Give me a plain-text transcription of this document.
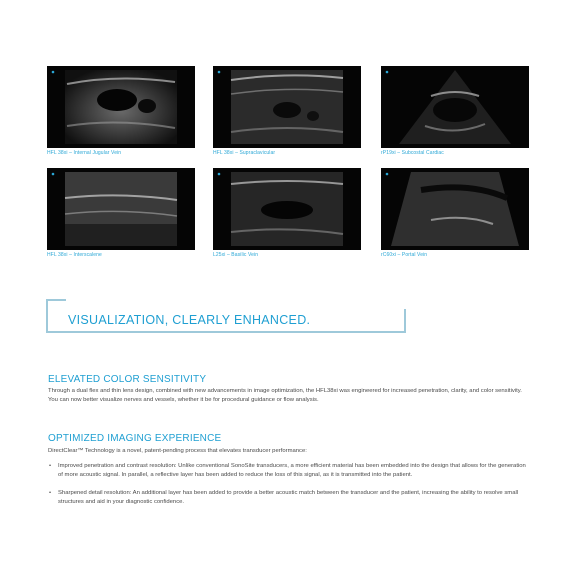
HFL 38xi – Internal Jugular Vein	HFL 38xi – Supraclavicular	rP19xi – Subcostal Cardiac
HFL 38xi – Interscalene	L25xi – Basilic Vein	rC60xi – Portal Vein
VISUALIZATION, CLEARLY ENHANCED.
ELEVATED COLOR SENSITIVITY
Through a dual flex and thin lens design, combined with new advancements in image optimization, the HFL38xi was engineered for increased penetration, clarity, and color sensitivity. You can now better visualize nerves and vessels, whether it be for procedural guidance or flow analysis.
OPTIMIZED IMAGING EXPERIENCE
DirectClear™ Technology is a novel, patent-pending process that elevates transducer performance:
• Improved penetration and contrast resolution: Unlike conventional SonoSite transducers, a more efficient material has been embedded into the design that allows for the generation of more acoustic signal. In parallel, a reflective layer has been added to reduce the loss of this signal, as it is transmitted into the patient.
• Sharpened detail resolution: An additional layer has been added to provide a better acoustic match between the transducer and the patient, increasing the ability to resolve small structures and aid in your diagnostic confidence.
